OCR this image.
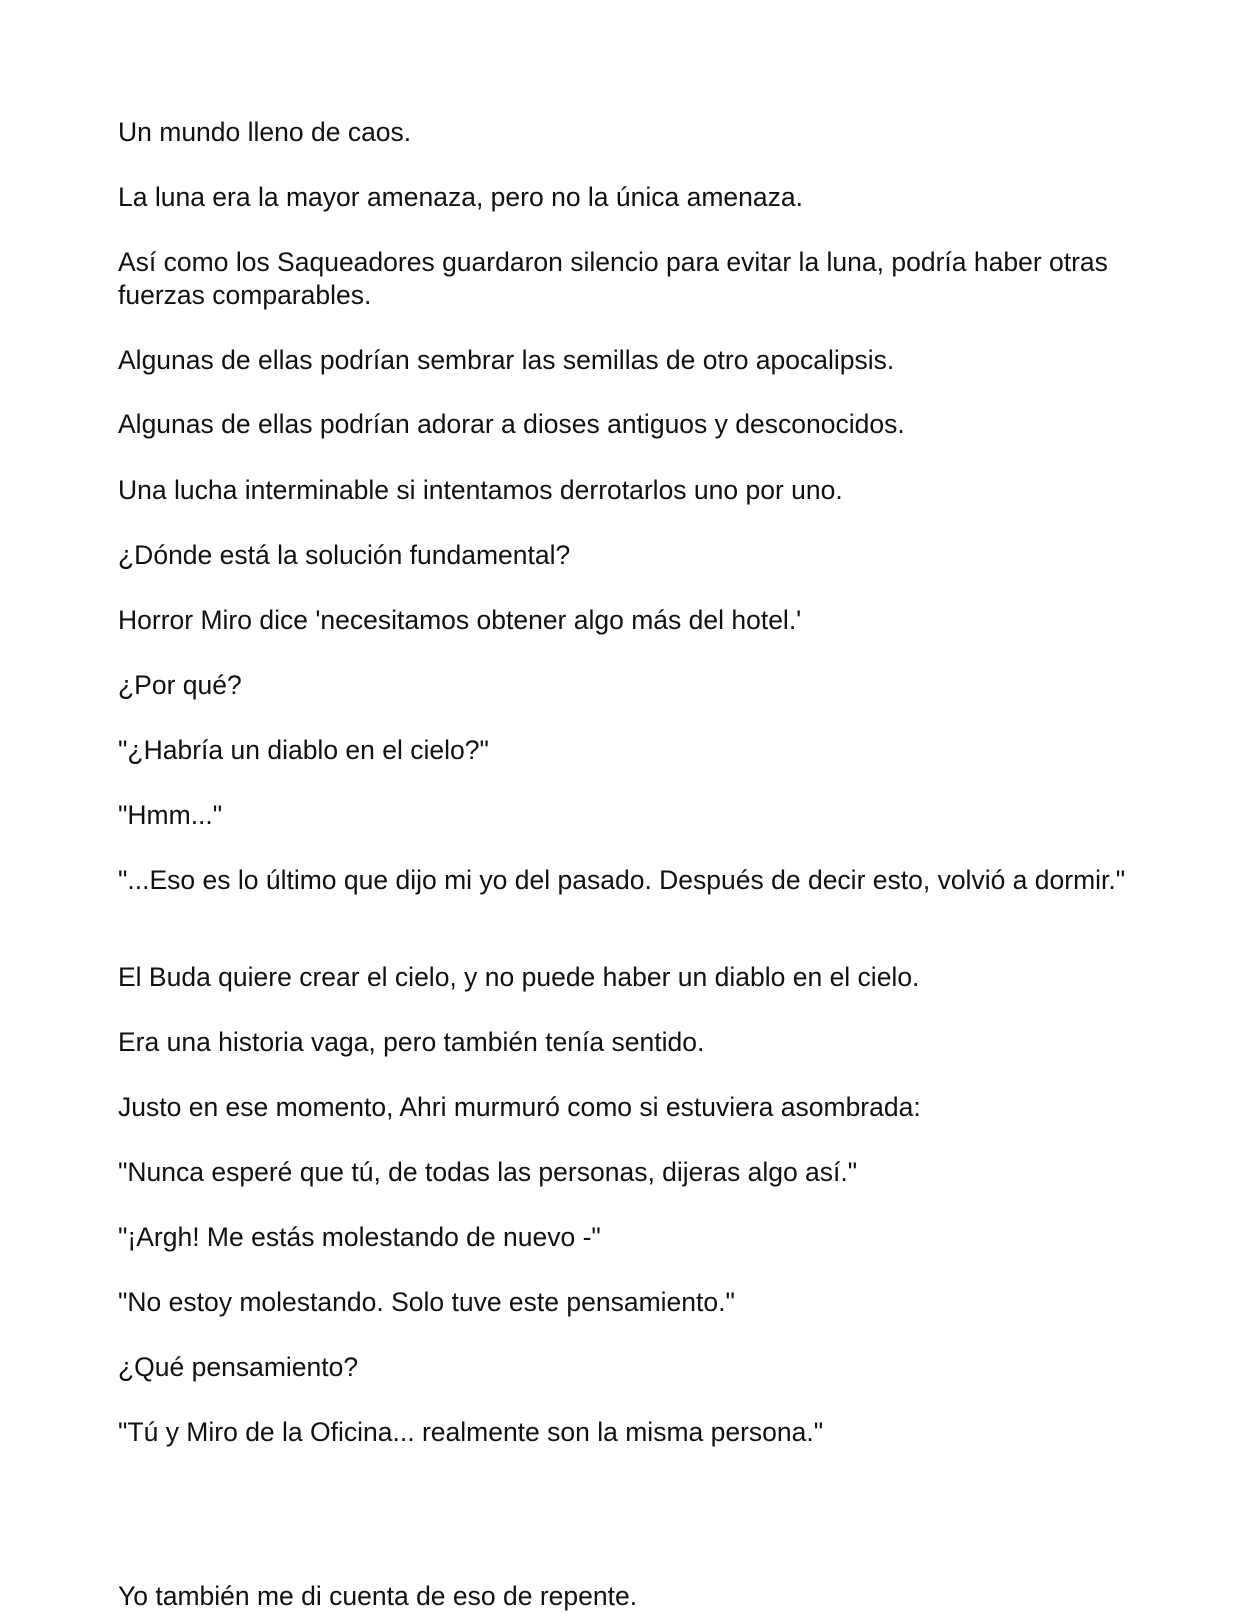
Un mundo lleno de caos.

La luna era la mayor amenaza, pero no la única amenaza.

Así como los Saqueadores guardaron silencio para evitar la luna, podría haber otras fuerzas comparables.

Algunas de ellas podrían sembrar las semillas de otro apocalipsis.

Algunas de ellas podrían adorar a dioses antiguos y desconocidos.

Una lucha interminable si intentamos derrotarlos uno por uno.

¿Dónde está la solución fundamental?

Horror Miro dice 'necesitamos obtener algo más del hotel.'

¿Por qué?

"¿Habría un diablo en el cielo?"

"Hmm..."

"...Eso es lo último que dijo mi yo del pasado. Después de decir esto, volvió a dormir."

El Buda quiere crear el cielo, y no puede haber un diablo en el cielo.

Era una historia vaga, pero también tenía sentido.

Justo en ese momento, Ahri murmuró como si estuviera asombrada:

"Nunca esperé que tú, de todas las personas, dijeras algo así."

"¡Argh! Me estás molestando de nuevo -"

"No estoy molestando. Solo tuve este pensamiento."

¿Qué pensamiento?

"Tú y Miro de la Oficina... realmente son la misma persona."

Yo también me di cuenta de eso de repente.
